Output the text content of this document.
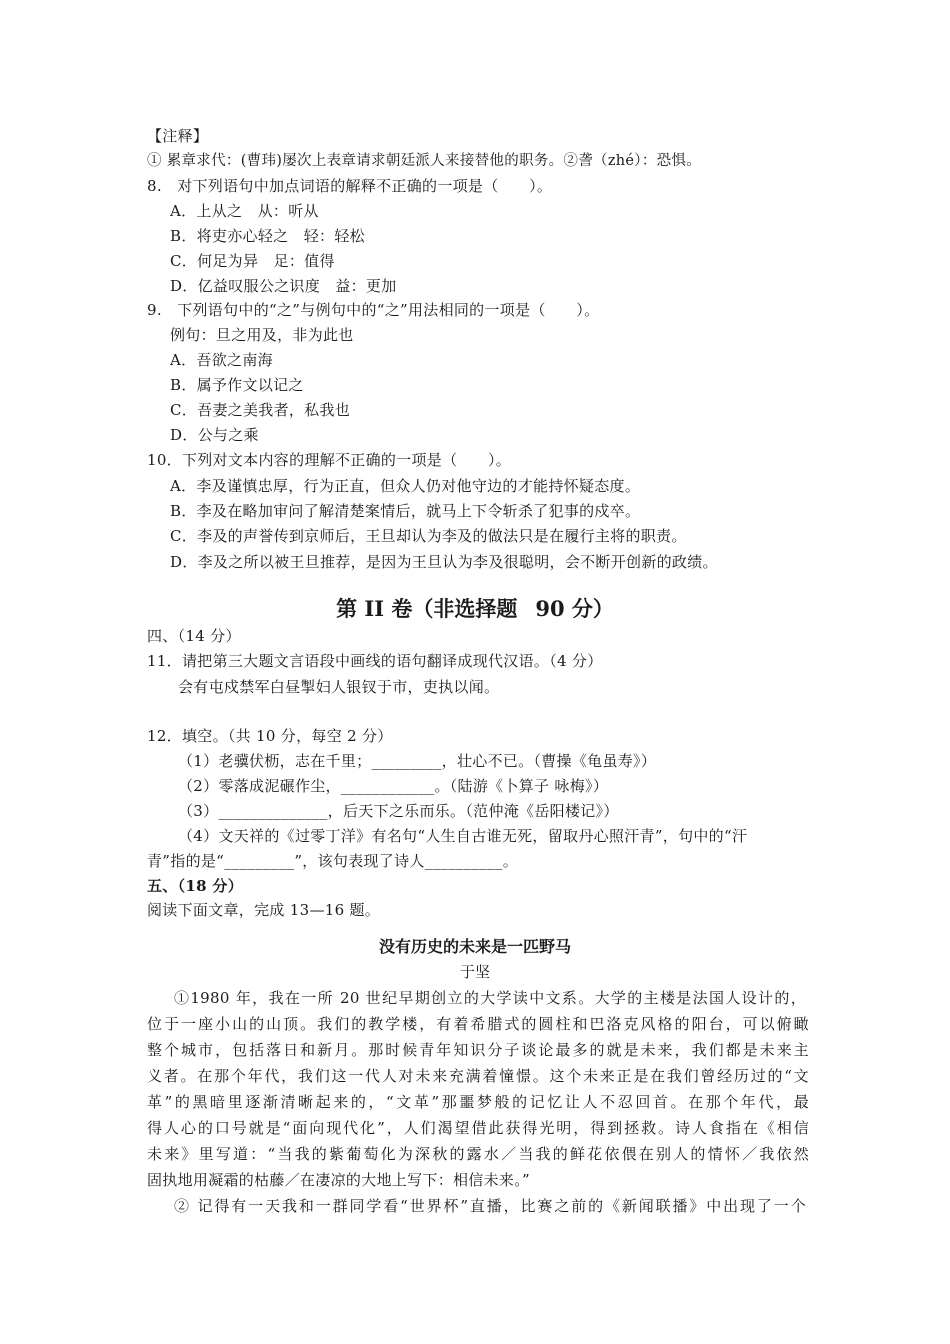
【注释】
① 累章求代：(曹玮)屡次上表章请求朝廷派人来接替他的职务。②詟（zhé）：恐惧。
8.　对下列语句中加点词语的解释不正确的一项是（　　）。
A．上从之　从：听从
B．将吏亦心轻之　轻：轻松
C．何足为异　足：值得
D．亿益叹服公之识度　益：更加
9.　下列语句中的“之”与例句中的“之”用法相同的一项是（　　）。
例句：旦之用及，非为此也
A．吾欲之南海
B．属予作文以记之
C．吾妻之美我者，私我也
D．公与之乘
10．下列对文本内容的理解不正确的一项是（　　）。
A．李及谨慎忠厚，行为正直，但众人仍对他守边的才能持怀疑态度。
B．李及在略加审问了解清楚案情后，就马上下令斩杀了犯事的戍卒。
C．李及的声誉传到京师后，王旦却认为李及的做法只是在履行主将的职责。
D．李及之所以被王旦推荐，是因为王旦认为李及很聪明，会不断开创新的政绩。
第 II 卷（非选择题 90 分）
四、（14 分）
11．请把第三大题文言语段中画线的语句翻译成现代汉语。（4 分）
会有屯戍禁军白昼掣妇人银钗于市，吏执以闻。
12．填空。（共 10 分，每空 2 分）
（1）老骥伏枥，志在千里；_________，壮心不已。（曹操《龟虽寿》）
（2）零落成泥碾作尘，____________。（陆游《卜算子 咏梅》）
（3）______________，后天下之乐而乐。（范仲淹《岳阳楼记》）
（4）文天祥的《过零丁洋》有名句“人生自古谁无死，留取丹心照汗青”，句中的“汗
青”指的是“_________”，该句表现了诗人__________。
五、（18 分）
阅读下面文章，完成 13—16 题。
没有历史的未来是一匹野马
于坚
①1980 年，我在一所 20 世纪早期创立的大学读中文系。大学的主楼是法国人设计的，
位于一座小山的山顶。我们的教学楼，有着希腊式的圆柱和巴洛克风格的阳台，可以俯瞰
整个城市，包括落日和新月。那时候青年知识分子谈论最多的就是未来，我们都是未来主
义者。在那个年代，我们这一代人对未来充满着憧憬。这个未来正是在我们曾经历过的“文
革”的黑暗里逐渐清晰起来的，“文革”那噩梦般的记忆让人不忍回首。在那个年代，最
得人心的口号就是“面向现代化”，人们渴望借此获得光明，得到拯救。诗人食指在《相信
未来》里写道：“当我的紫葡萄化为深秋的露水／当我的鲜花依偎在别人的情怀／我依然
固执地用凝霜的枯藤／在凄凉的大地上写下：相信未来。”
② 记得有一天我和一群同学看“世界杯”直播，比赛之前的《新闻联播》中出现了一个
